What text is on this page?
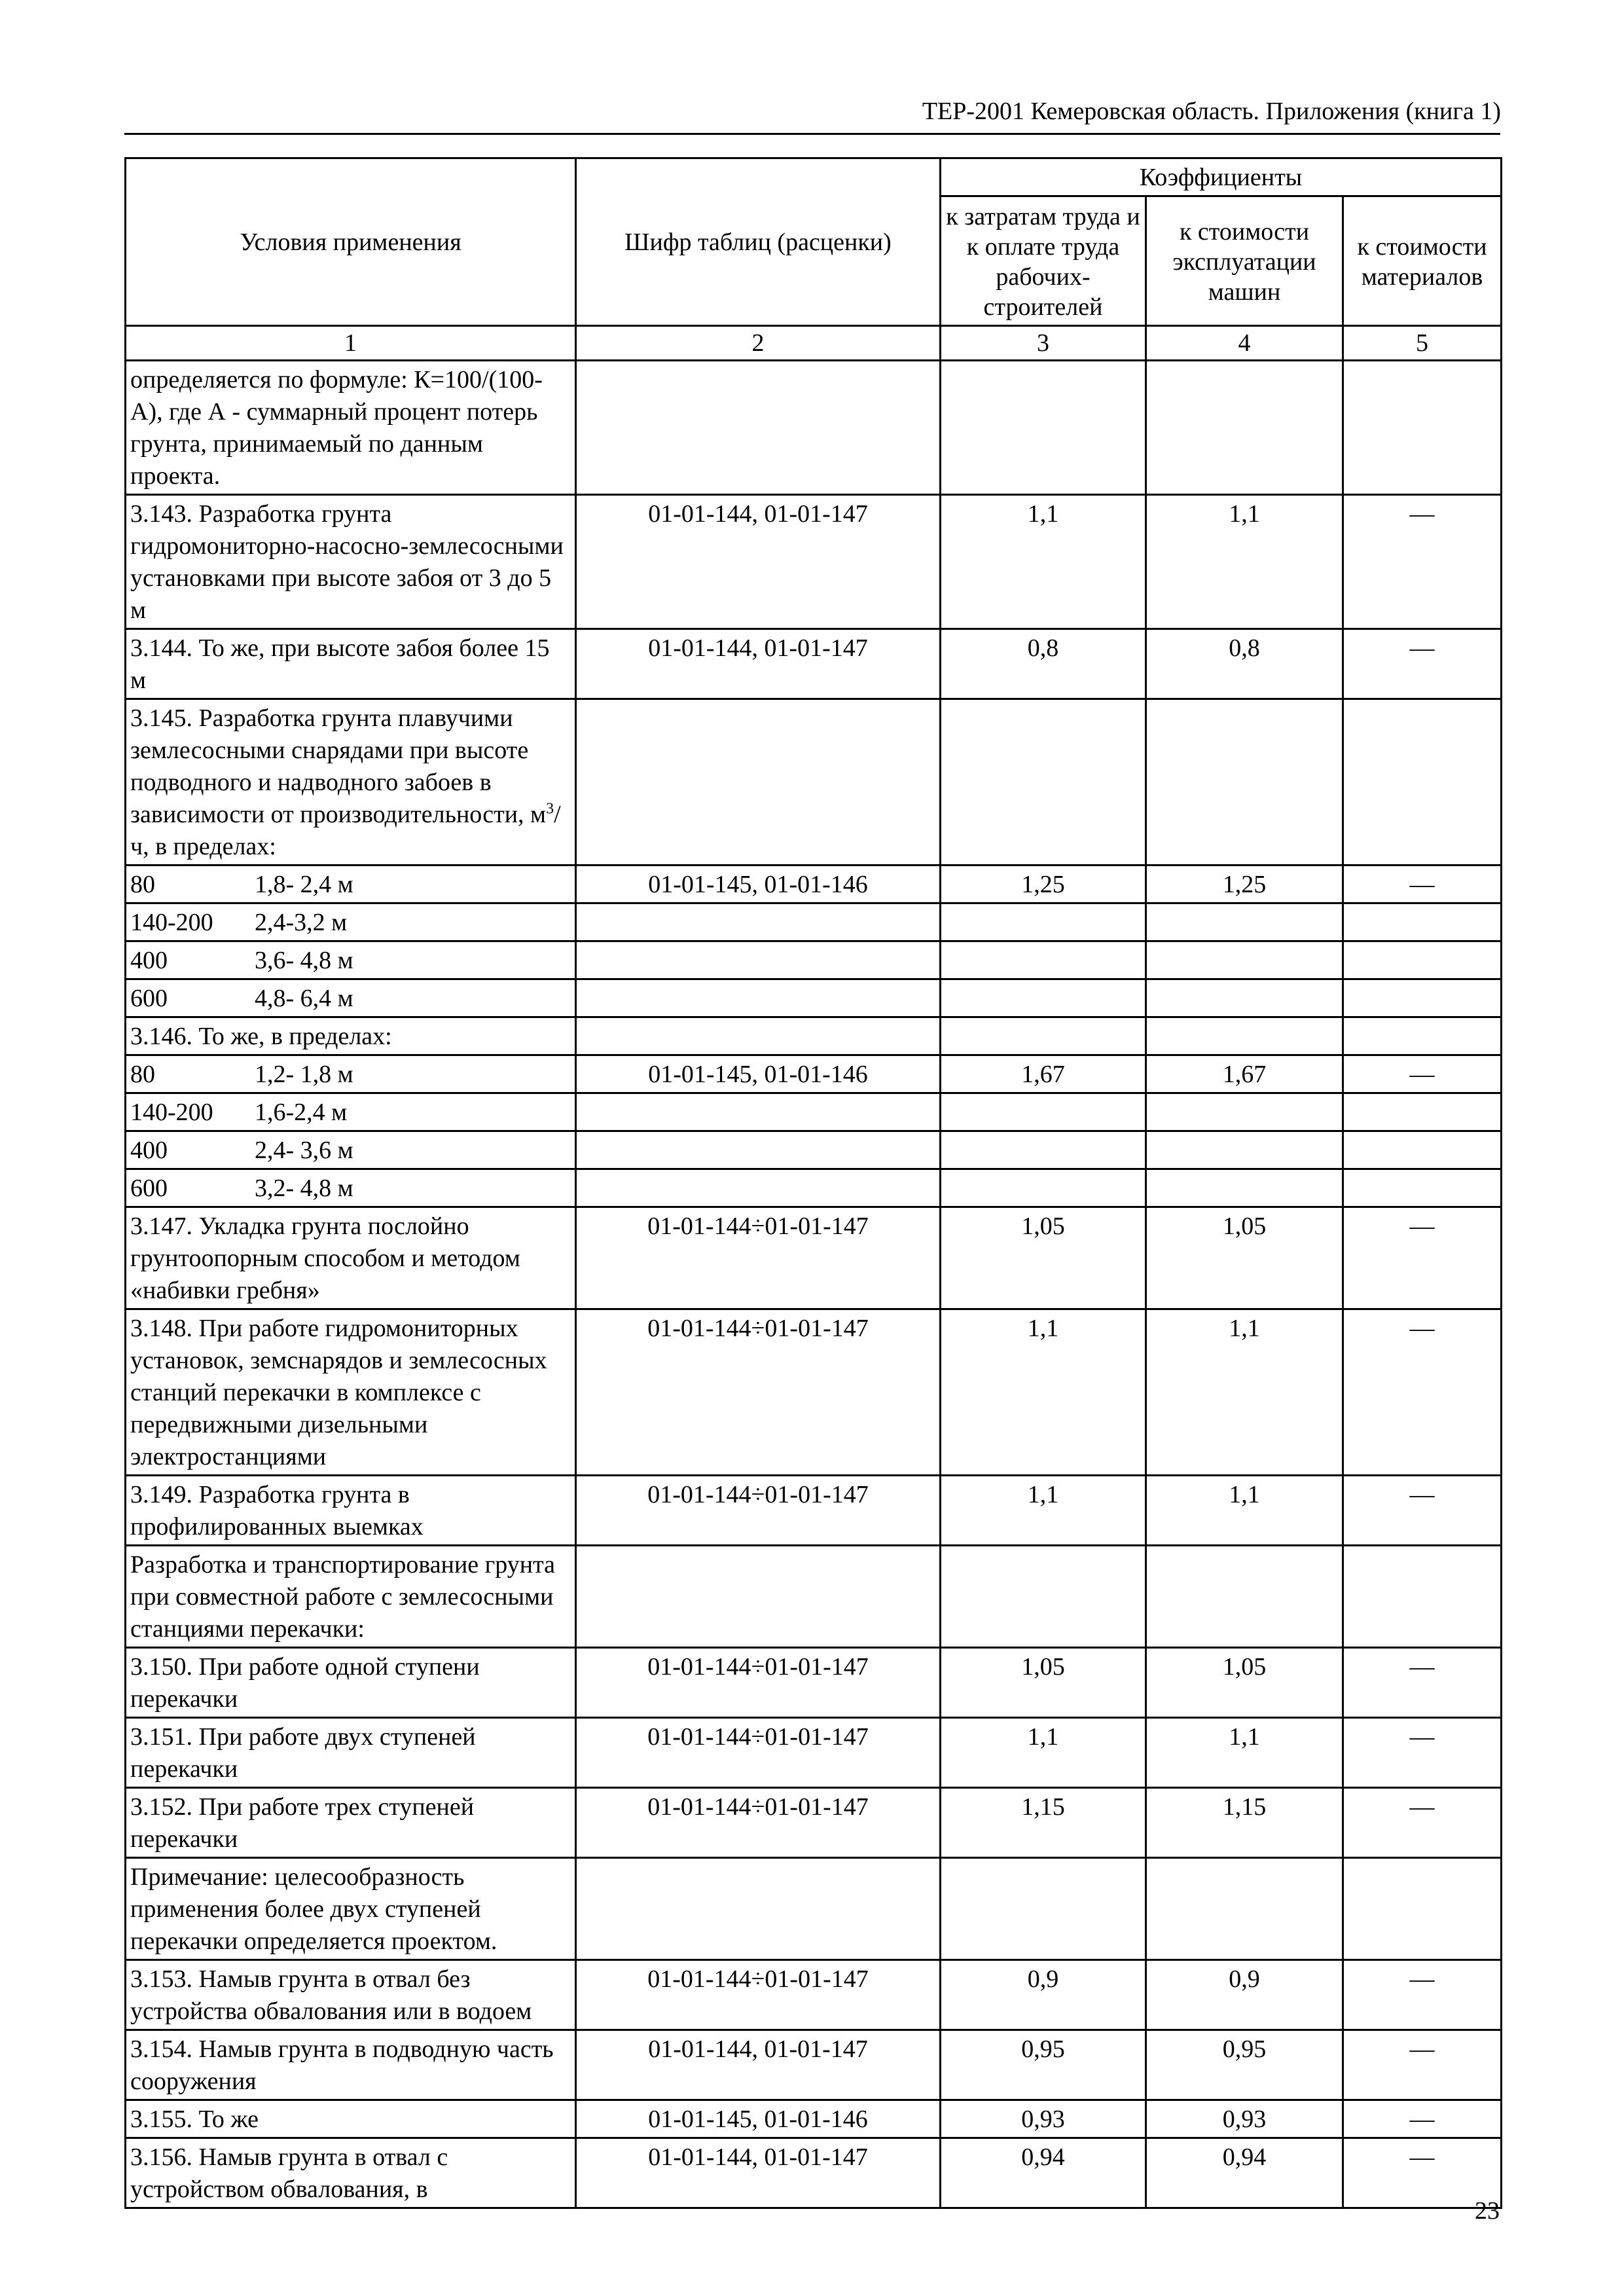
ТЕР-2001 Кемеровская область. Приложения (книга 1)
Условия применения	Шифр таблиц (расценки)	Коэффициенты		
		к затратам труда и к оплате труда рабочих-строителей	к стоимости эксплуатации машин	к стоимости материалов
1	2	3	4	5
определяется по формуле: К=100/(100-А), где А - суммарный процент потерь грунта, принимаемый по данным проекта.				
3.143. Разработка грунта гидромониторно-насосно-землесосными установками при высоте забоя от 3 до 5 м	01-01-144, 01-01-147	1,1	1,1	—
3.144. То же, при высоте забоя более 15 м	01-01-144, 01-01-147	0,8	0,8	—
3.145. Разработка грунта плавучими землесосными снарядами при высоте подводного и надводного забоев в зависимости от производительности, $м^3/ч$, в пределах:				
80 1,8- 2,4 м	01-01-145, 01-01-146	1,25	1,25	—
140-200 2,4-3,2 м				
400 3,6- 4,8 м				
600 4,8- 6,4 м				
3.146. То же, в пределах:				
80 1,2- 1,8 м	01-01-145, 01-01-146	1,67	1,67	—
140-200 1,6-2,4 м				
400 2,4- 3,6 м				
600 3,2- 4,8 м				
3.147. Укладка грунта послойно грунтоопорным способом и методом «набивки гребня»	01-01-144÷01-01-147	1,05	1,05	—
3.148. При работе гидромониторных установок, земснарядов и землесосных станций перекачки в комплексе с передвижными дизельными электростанциями	01-01-144÷01-01-147	1,1	1,1	—
3.149. Разработка грунта в профилированных выемках	01-01-144÷01-01-147	1,1	1,1	—
Разработка и транспортирование грунта при совместной работе с землесосными станциями перекачки:				
3.150. При работе одной ступени перекачки	01-01-144÷01-01-147	1,05	1,05	—
3.151. При работе двух ступеней перекачки	01-01-144÷01-01-147	1,1	1,1	—
3.152. При работе трех ступеней перекачки	01-01-144÷01-01-147	1,15	1,15	—
Примечание: целесообразность применения более двух ступеней перекачки определяется проектом.				
3.153. Намыв грунта в отвал без устройства обвалования или в водоем	01-01-144÷01-01-147	0,9	0,9	—
3.154. Намыв грунта в подводную часть сооружения	01-01-144, 01-01-147	0,95	0,95	—
3.155. То же	01-01-145, 01-01-146	0,93	0,93	—
3.156. Намыв грунта в отвал с устройством обвалования, в	01-01-144, 01-01-147	0,94	0,94	—
23
